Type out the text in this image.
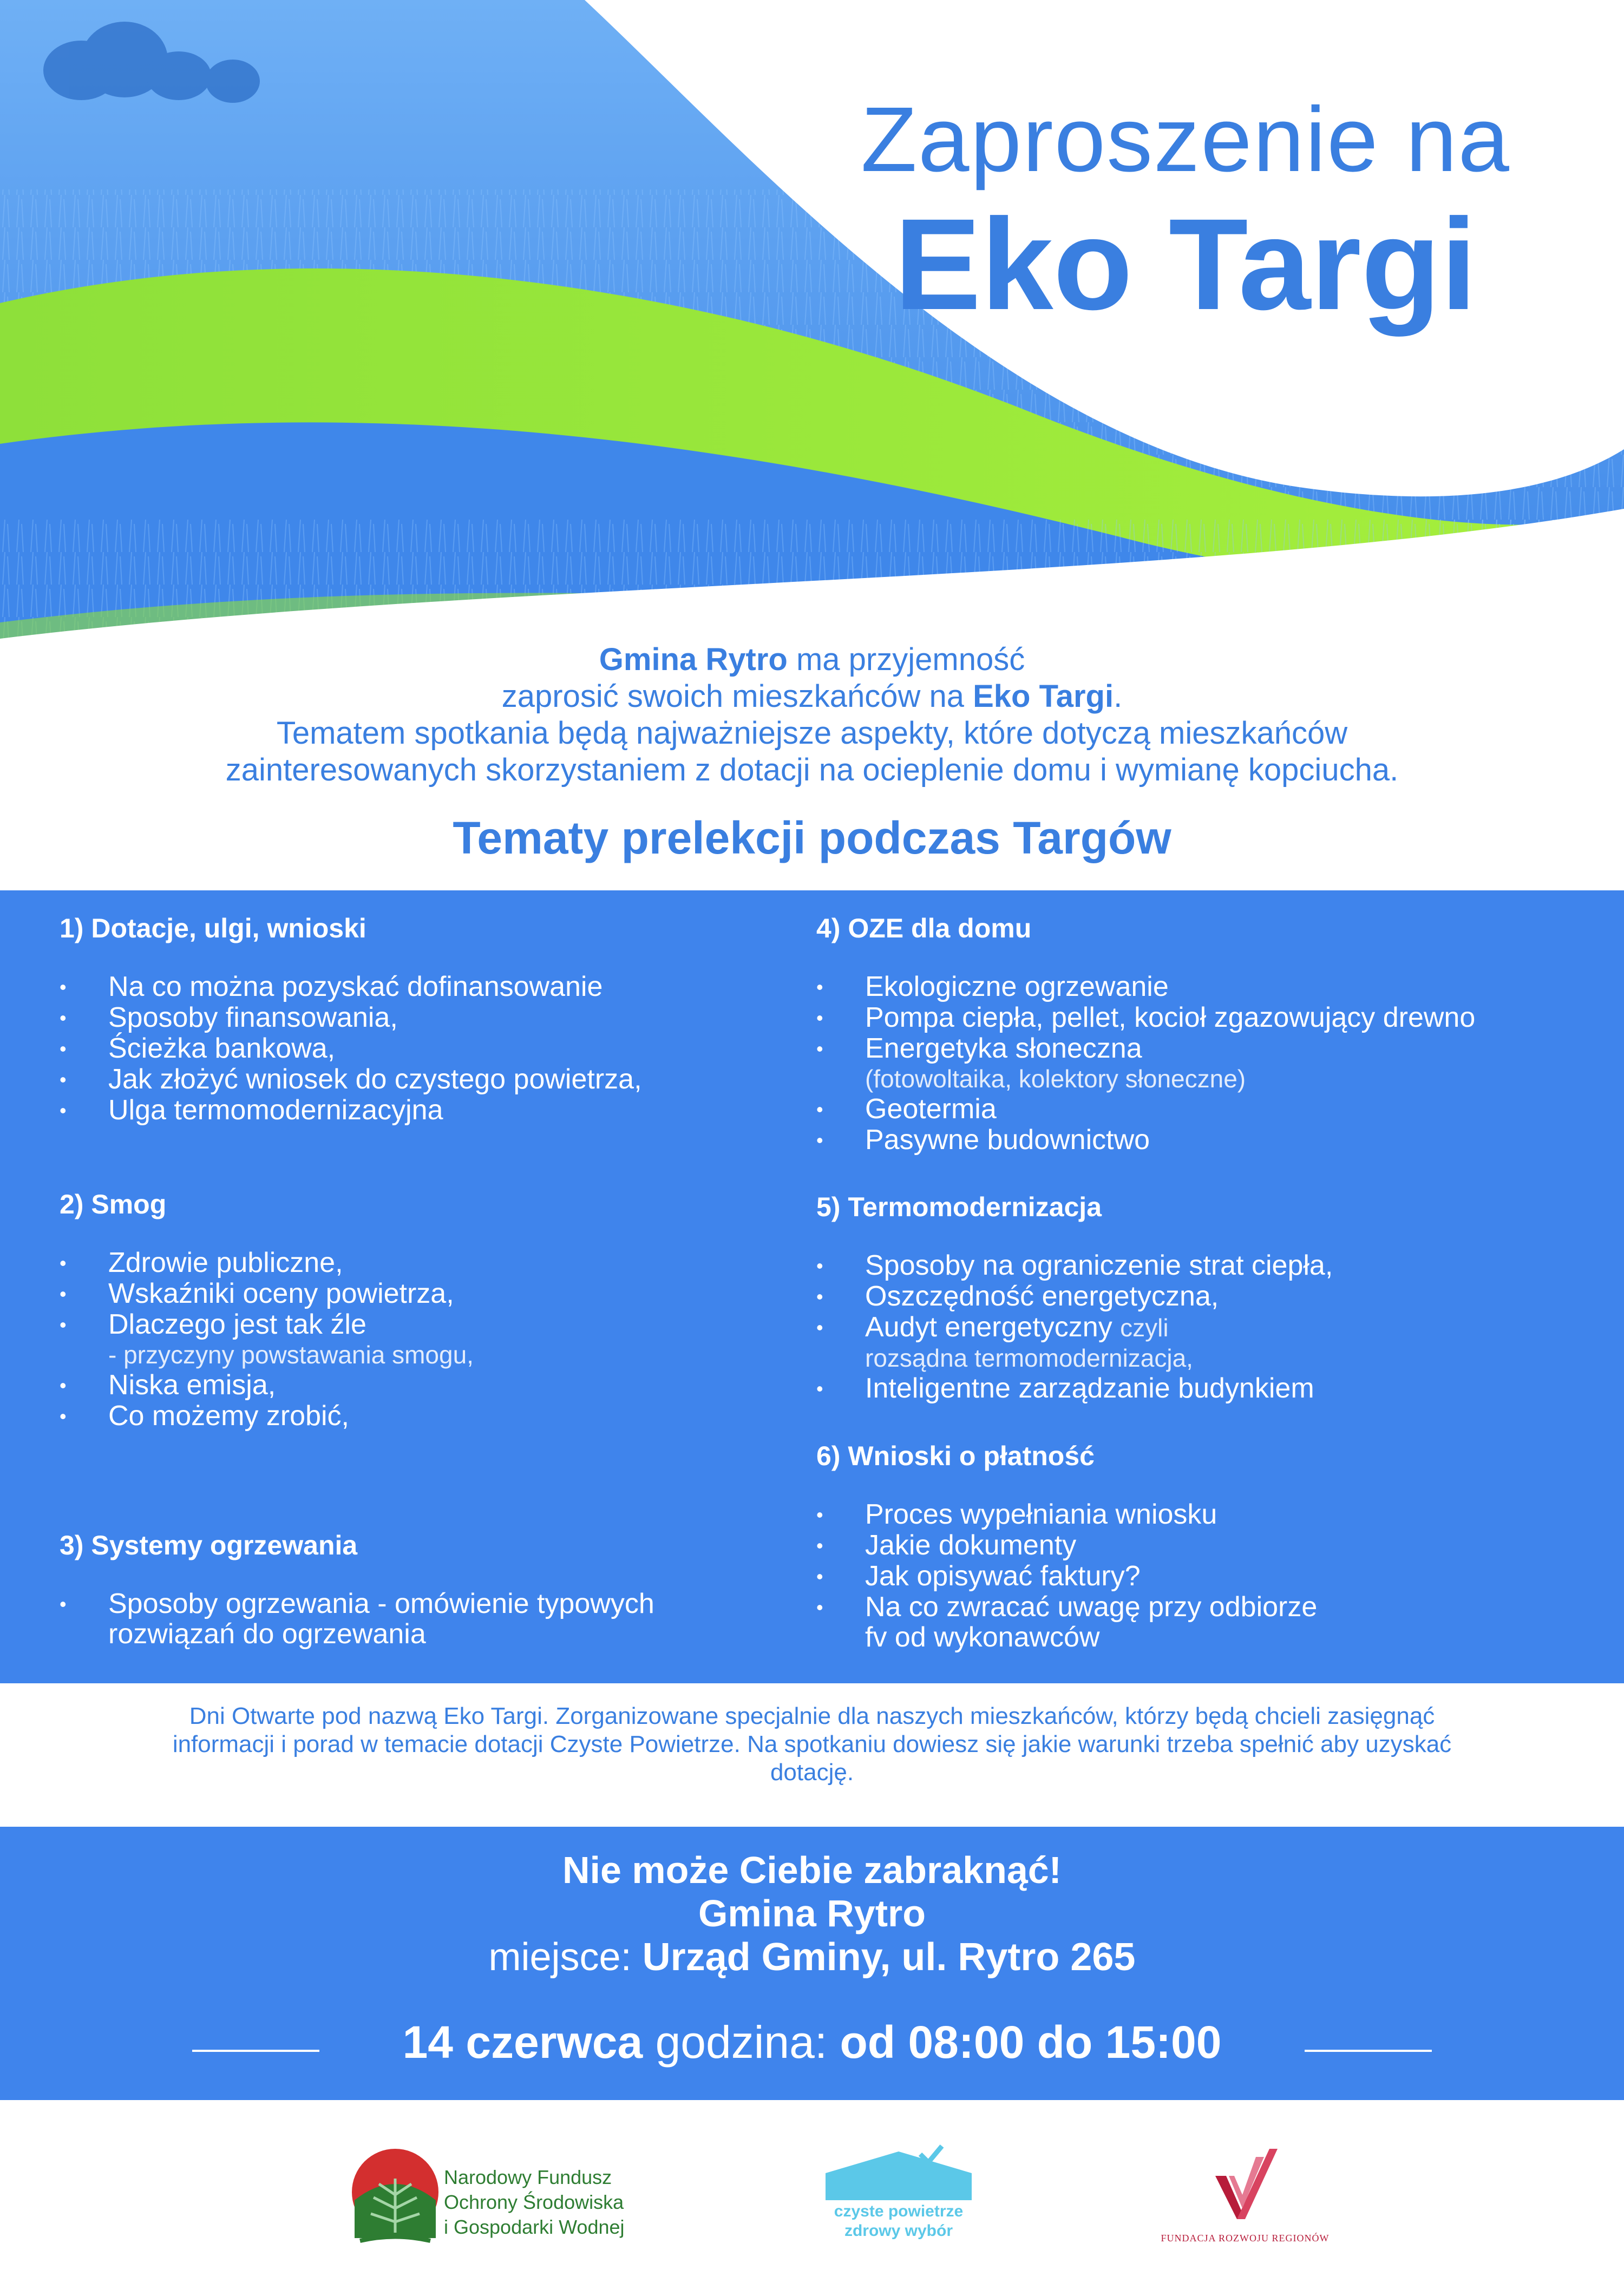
Zaproszenie na
Eko Targi
Gmina Rytro ma przyjemność
zaprosić swoich mieszkańców na Eko Targi.
Tematem spotkania będą najważniejsze aspekty, które dotyczą mieszkańców
zainteresowanych skorzystaniem z dotacji na ocieplenie domu i wymianę kopciucha.
Tematy prelekcji podczas Targów
1) Dotacje, ulgi, wnioski
• Na co można pozyskać dofinansowanie
• Sposoby finansowania,
• Ścieżka bankowa,
• Jak złożyć wniosek do czystego powietrza,
• Ulga termomodernizacyjna
2) Smog
• Zdrowie publiczne,
• Wskaźniki oceny powietrza,
• Dlaczego jest tak źle
- przyczyny powstawania smogu,
• Niska emisja,
• Co możemy zrobić,
3) Systemy ogrzewania
• Sposoby ogrzewania - omówienie typowych
rozwiązań do ogrzewania
4) OZE dla domu
• Ekologiczne ogrzewanie
• Pompa ciepła, pellet, kocioł zgazowujący drewno
• Energetyka słoneczna
(fotowoltaika, kolektory słoneczne)
• Geotermia
• Pasywne budownictwo
5) Termomodernizacja
• Sposoby na ograniczenie strat ciepła,
• Oszczędność energetyczna,
• Audyt energetyczny czyli
rozsądna termomodernizacja,
• Inteligentne zarządzanie budynkiem
6) Wnioski o płatność
• Proces wypełniania wniosku
• Jakie dokumenty
• Jak opisywać faktury?
• Na co zwracać uwagę przy odbiorze
fv od wykonawców
Dni Otwarte pod nazwą Eko Targi. Zorganizowane specjalnie dla naszych mieszkańców, którzy będą chcieli zasięgnąć informacji i porad w temacie dotacji Czyste Powietrze. Na spotkaniu dowiesz się jakie warunki trzeba spełnić aby uzyskać dotację.
Nie może Ciebie zabraknąć!
Gmina Rytro
miejsce: Urząd Gminy, ul. Rytro 265
14 czerwca godzina: od 08:00 do 15:00
Narodowy Fundusz
Ochrony Środowiska
i Gospodarki Wodnej
czyste powietrze
zdrowy wybór	FUNDACJA ROZWOJU REGIONÓW
